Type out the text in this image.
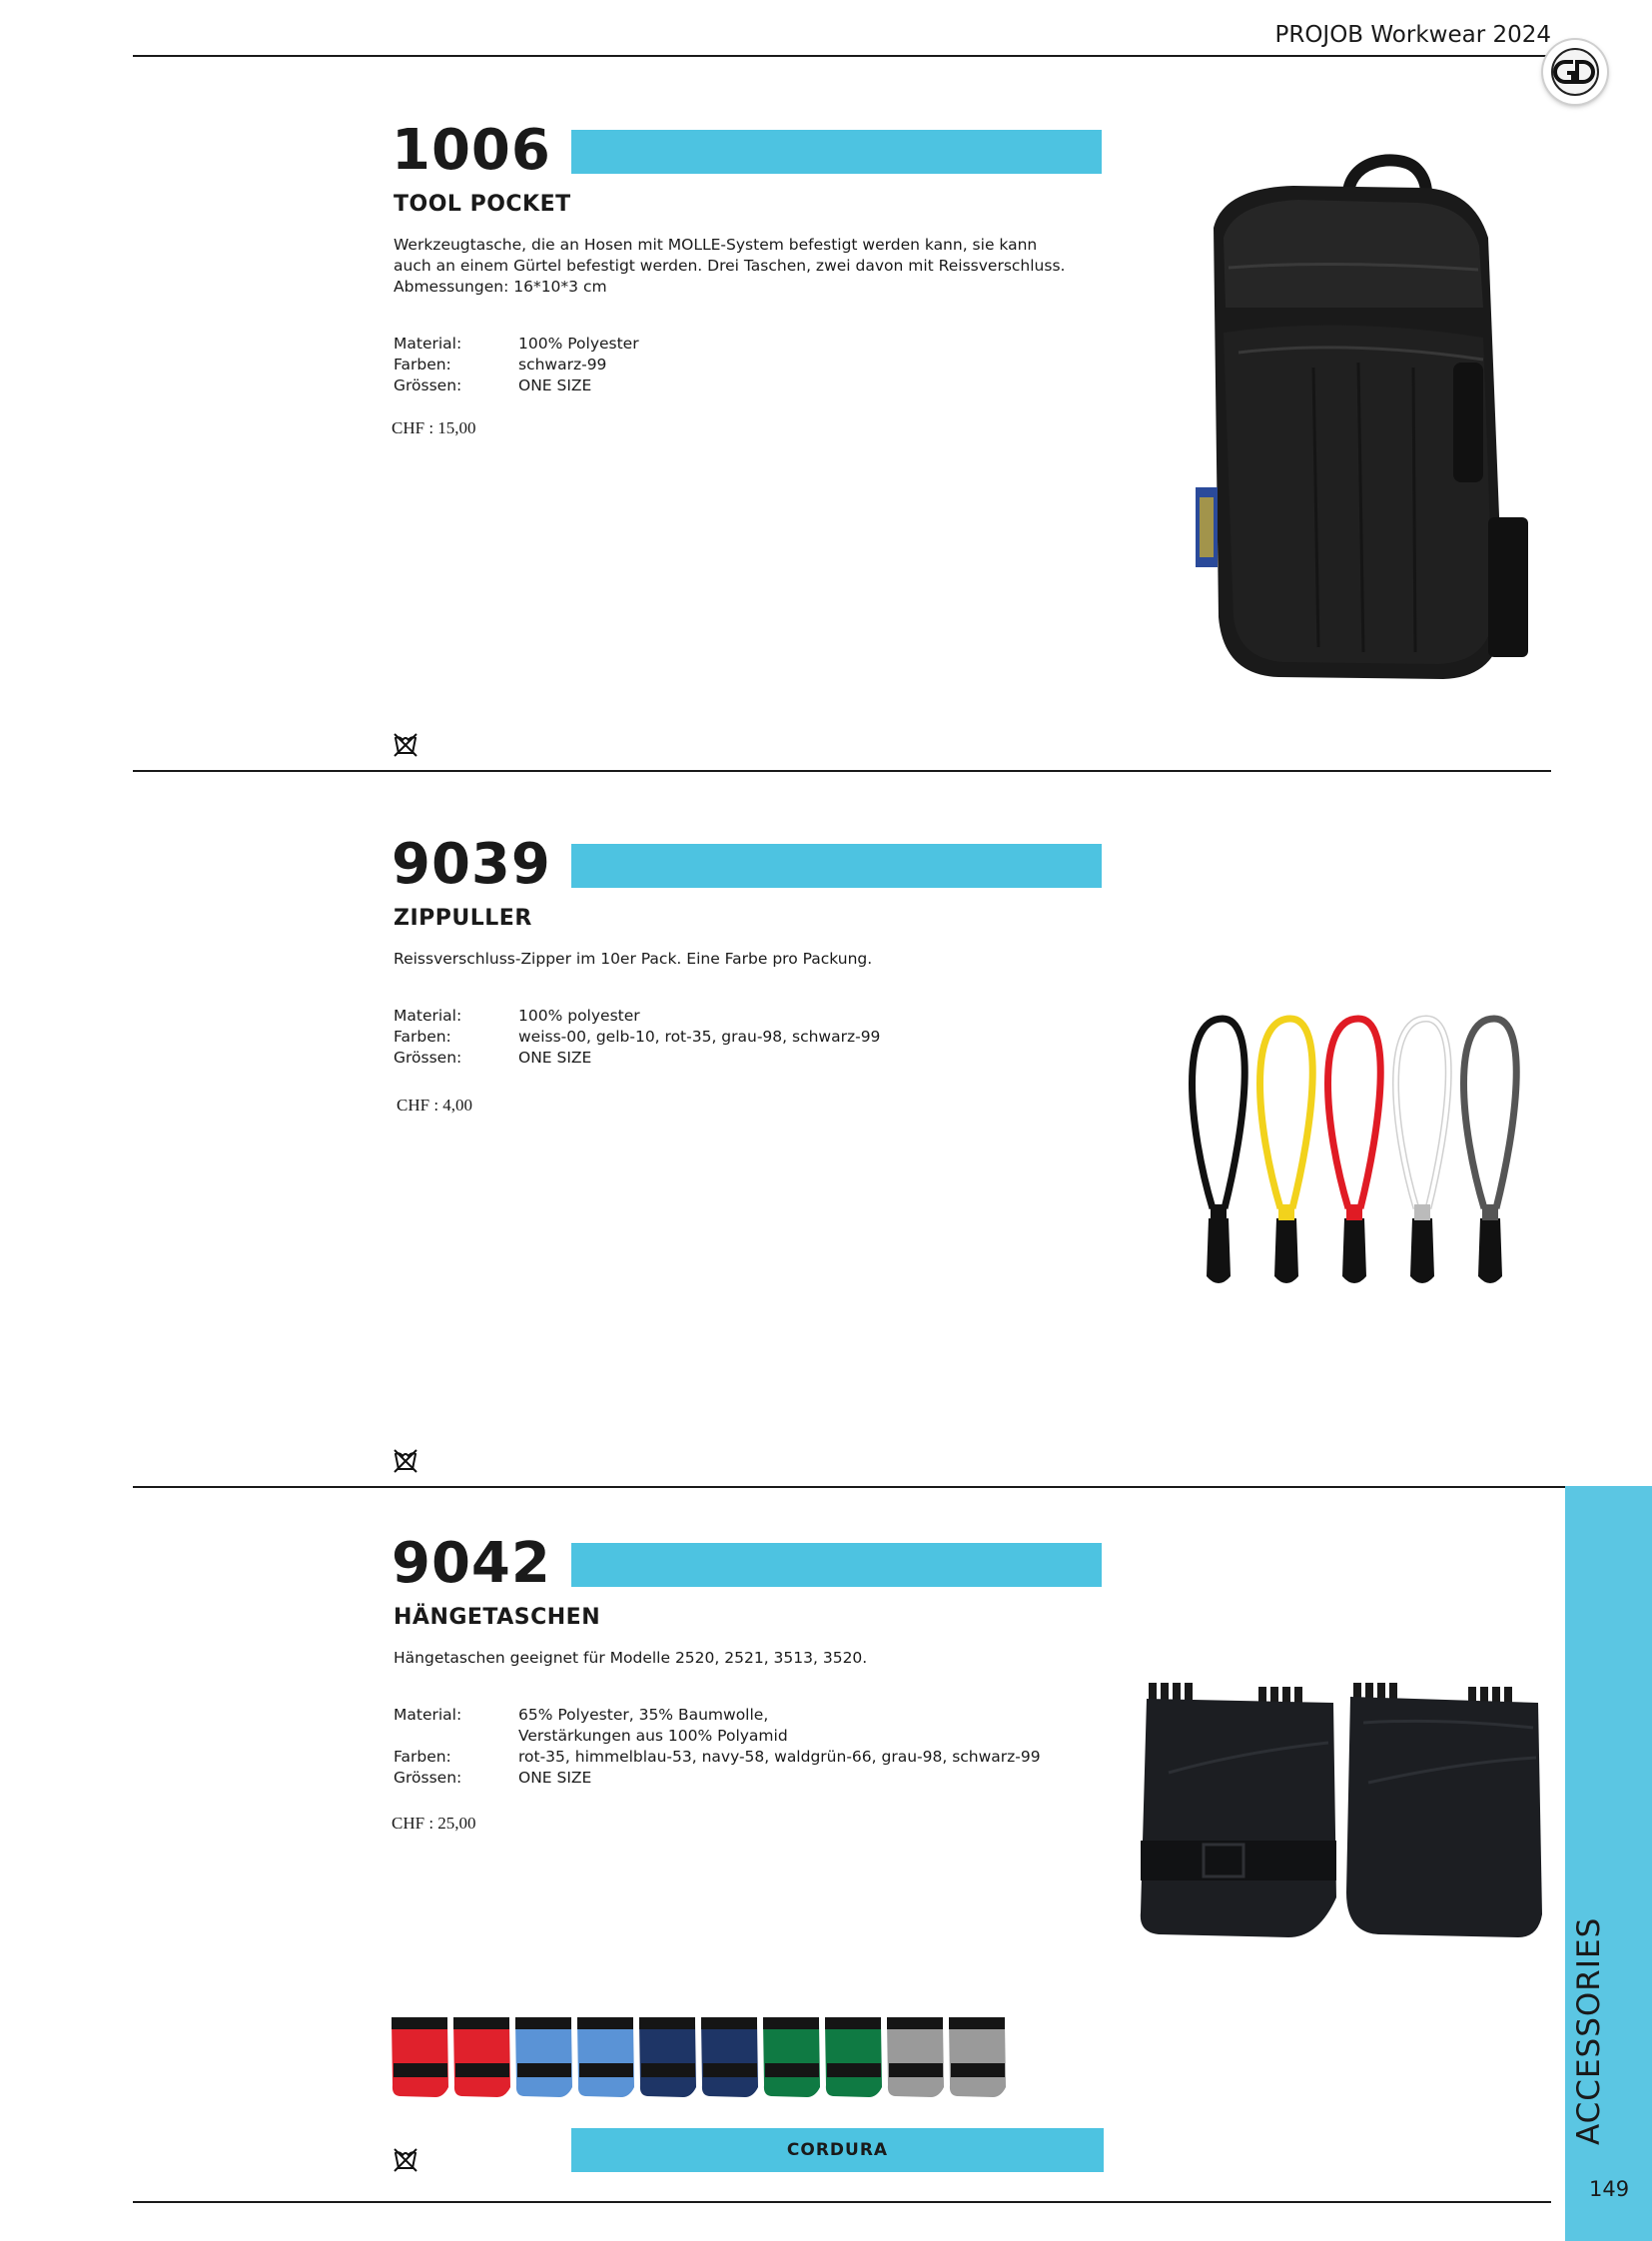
PROJOB Workwear 2024
1006
TOOL POCKET
Werkzeugtasche, die an Hosen mit MOLLE-System befestigt werden kann, sie kann
auch an einem Gürtel befestigt werden. Drei Taschen, zwei davon mit Reissverschluss.
Abmessungen: 16*10*3 cm
Material:	100% Polyester
Farben:	schwarz-99
Grössen:	ONE SIZE
CHF : 15,00
9039
ZIPPULLER
Reissverschluss-Zipper im 10er Pack. Eine Farbe pro Packung.
Material:	100% polyester
Farben:	weiss-00, gelb-10, rot-35, grau-98, schwarz-99
Grössen:	ONE SIZE
CHF : 4,00
9042
HÄNGETASCHEN
Hängetaschen geeignet für Modelle 2520, 2521, 3513, 3520.
Material:	65% Polyester, 35% Baumwolle,
Verstärkungen aus 100% Polyamid
Farben:	rot-35, himmelblau-53, navy-58, waldgrün-66, grau-98, schwarz-99
Grössen:	ONE SIZE
CHF : 25,00
CORDURA
ACCESSORIES
149
